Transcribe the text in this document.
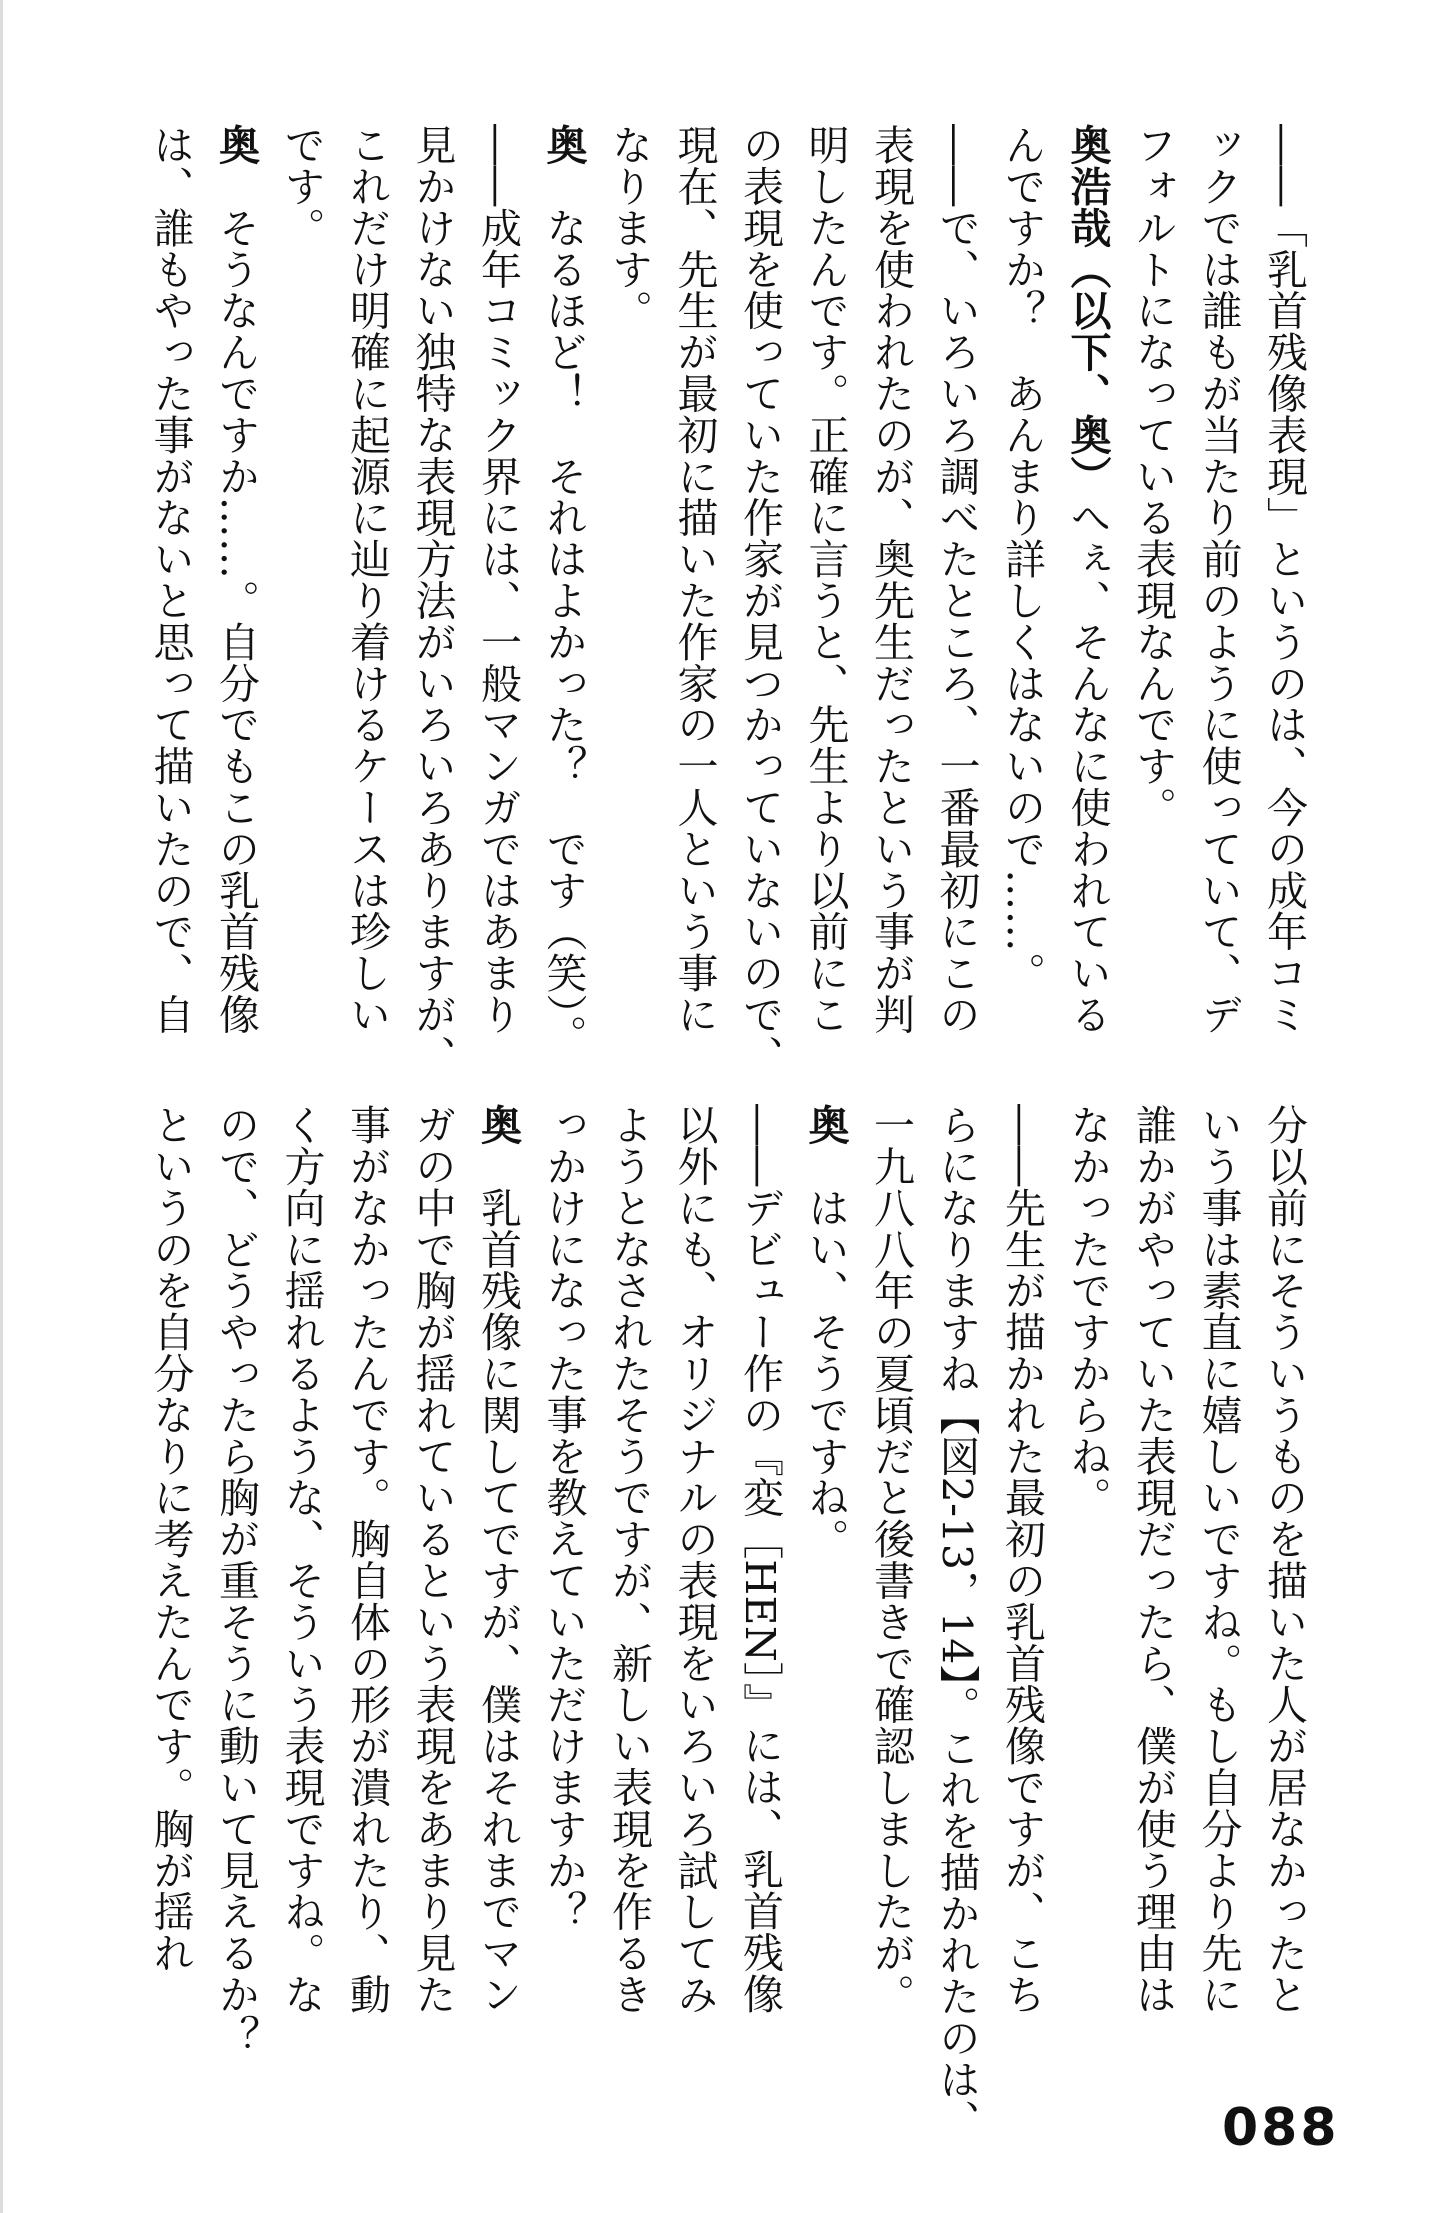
――「乳首残像表現」というのは、今の成年コミ
ックでは誰もが当たり前のように使っていて、デ
フォルトになっている表現なんです。
奥浩哉（以下、奥）へぇ、そんなに使われている
んですか？　あんまり詳しくはないので……。
――で、いろいろ調べたところ、一番最初にこの
表現を使われたのが、奥先生だったという事が判
明したんです。正確に言うと、先生より以前にこ
の表現を使っていた作家が見つかっていないので、
現在、先生が最初に描いた作家の一人という事に
なります。
奥　なるほど！　それはよかった？　です（笑）。
――成年コミック界には、一般マンガではあまり
見かけない独特な表現方法がいろいろありますが、
これだけ明確に起源に辿り着けるケースは珍しい
です。
奥　そうなんですか……。自分でもこの乳首残像
は、誰もやった事がないと思って描いたので、自
分以前にそういうものを描いた人が居なかったと
いう事は素直に嬉しいですね。もし自分より先に
誰かがやっていた表現だったら、僕が使う理由は
なかったですからね。
――先生が描かれた最初の乳首残像ですが、こち
らになりますね【図2-13，14】。これを描かれたのは、
一九八八年の夏頃だと後書きで確認しましたが。
奥　はい、そうですね。
――デビュー作の『変［HEN］』には、乳首残像
以外にも、オリジナルの表現をいろいろ試してみ
ようとなされたそうですが、新しい表現を作るき
っかけになった事を教えていただけますか？
奥　乳首残像に関してですが、僕はそれまでマン
ガの中で胸が揺れているという表現をあまり見た
事がなかったんです。胸自体の形が潰れたり、動
く方向に揺れるような、そういう表現ですね。な
ので、どうやったら胸が重そうに動いて見えるか？
というのを自分なりに考えたんです。胸が揺れ
088
